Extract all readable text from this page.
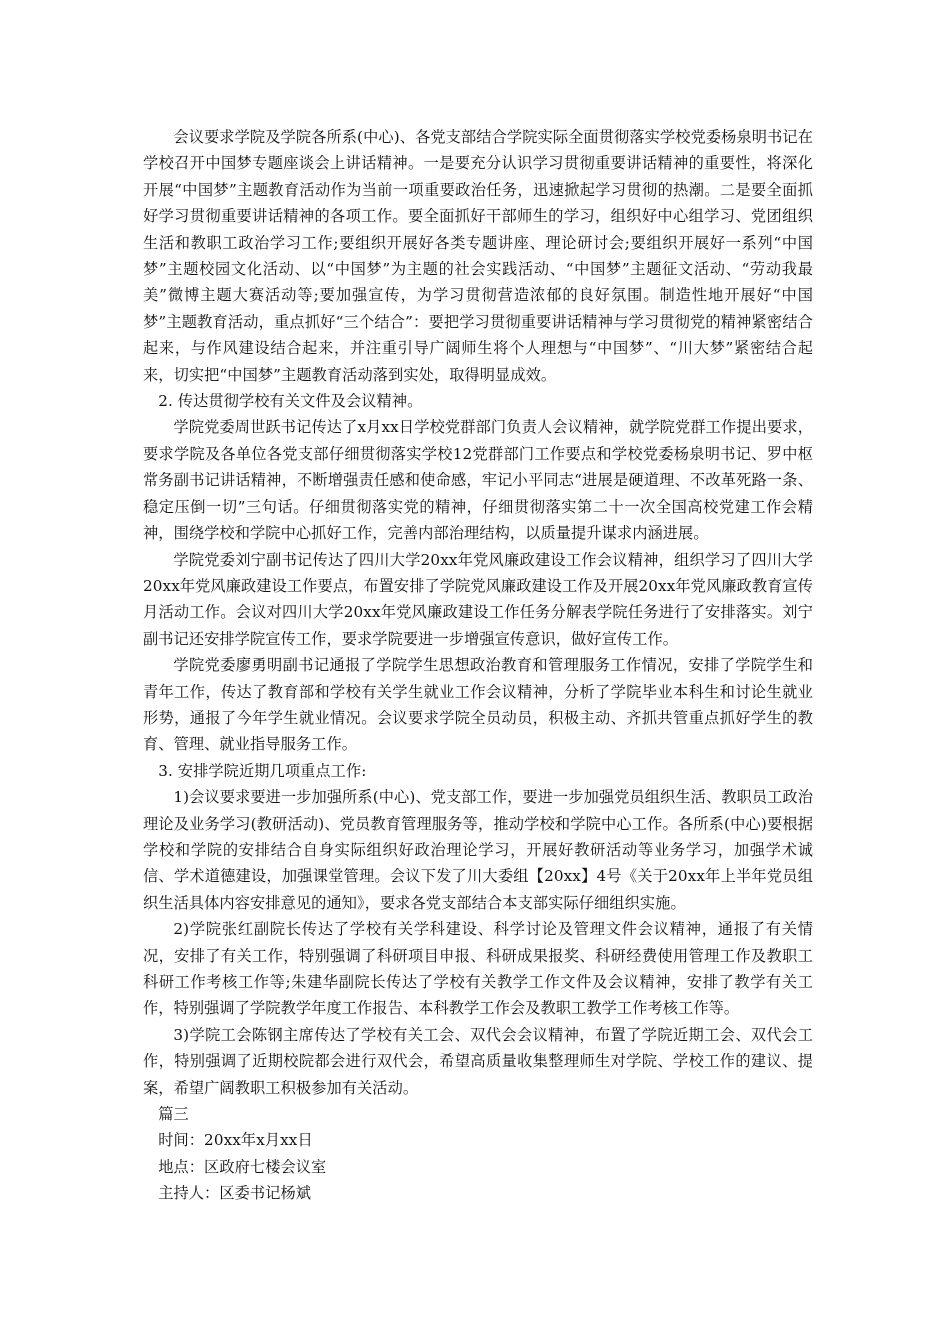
会议要求学院及学院各所系(中心)、各党支部结合学院实际全面贯彻落实学校党委杨泉明书记在学校召开中国梦专题座谈会上讲话精神。一是要充分认识学习贯彻重要讲话精神的重要性，将深化开展“中国梦”主题教育活动作为当前一项重要政治任务，迅速掀起学习贯彻的热潮。二是要全面抓好学习贯彻重要讲话精神的各项工作。要全面抓好干部师生的学习，组织好中心组学习、党团组织生活和教职工政治学习工作;要组织开展好各类专题讲座、理论研讨会;要组织开展好一系列“中国梦”主题校园文化活动、以“中国梦”为主题的社会实践活动、“中国梦”主题征文活动、“劳动我最美”微博主题大赛活动等;要加强宣传，为学习贯彻营造浓郁的良好氛围。制造性地开展好“中国梦”主题教育活动，重点抓好“三个结合”：要把学习贯彻重要讲话精神与学习贯彻党的精神紧密结合起来，与作风建设结合起来，并注重引导广阔师生将个人理想与“中国梦”、“川大梦”紧密结合起来，切实把“中国梦”主题教育活动落到实处，取得明显成效。

2. 传达贯彻学校有关文件及会议精神。

学院党委周世跃书记传达了x月xx日学校党群部门负责人会议精神，就学院党群工作提出要求，要求学院及各单位各党支部仔细贯彻落实学校12党群部门工作要点和学校党委杨泉明书记、罗中枢常务副书记讲话精神，不断增强责任感和使命感，牢记小平同志“进展是硬道理、不改革死路一条、稳定压倒一切”三句话。仔细贯彻落实党的精神，仔细贯彻落实第二十一次全国高校党建工作会精神，围绕学校和学院中心抓好工作，完善内部治理结构，以质量提升谋求内涵进展。

学院党委刘宁副书记传达了四川大学20xx年党风廉政建设工作会议精神，组织学习了四川大学20xx年党风廉政建设工作要点，布置安排了学院党风廉政建设工作及开展20xx年党风廉政教育宣传月活动工作。会议对四川大学20xx年党风廉政建设工作任务分解表学院任务进行了安排落实。刘宁副书记还安排学院宣传工作，要求学院要进一步增强宣传意识，做好宣传工作。

学院党委廖勇明副书记通报了学院学生思想政治教育和管理服务工作情况，安排了学院学生和青年工作，传达了教育部和学校有关学生就业工作会议精神，分析了学院毕业本科生和讨论生就业形势，通报了今年学生就业情况。会议要求学院全员动员，积极主动、齐抓共管重点抓好学生的教育、管理、就业指导服务工作。

3. 安排学院近期几项重点工作:

1)会议要求要进一步加强所系(中心)、党支部工作，要进一步加强党员组织生活、教职员工政治理论及业务学习(教研活动)、党员教育管理服务等，推动学校和学院中心工作。各所系(中心)要根据学校和学院的安排结合自身实际组织好政治理论学习，开展好教研活动等业务学习，加强学术诚信、学术道德建设，加强课堂管理。会议下发了川大委组【20xx】4号《关于20xx年上半年党员组织生活具体内容安排意见的通知》，要求各党支部结合本支部实际仔细组织实施。

2)学院张红副院长传达了学校有关学科建设、科学讨论及管理文件会议精神，通报了有关情况，安排了有关工作，特别强调了科研项目申报、科研成果报奖、科研经费使用管理工作及教职工科研工作考核工作等;朱建华副院长传达了学校有关教学工作文件及会议精神，安排了教学有关工作，特别强调了学院教学年度工作报告、本科教学工作会及教职工教学工作考核工作等。

3)学院工会陈钢主席传达了学校有关工会、双代会会议精神，布置了学院近期工会、双代会工作，特别强调了近期校院都会进行双代会，希望高质量收集整理师生对学院、学校工作的建议、提案，希望广阔教职工积极参加有关活动。

篇三

时间：20xx年x月xx日

地点：区政府七楼会议室

主持人：区委书记杨斌
